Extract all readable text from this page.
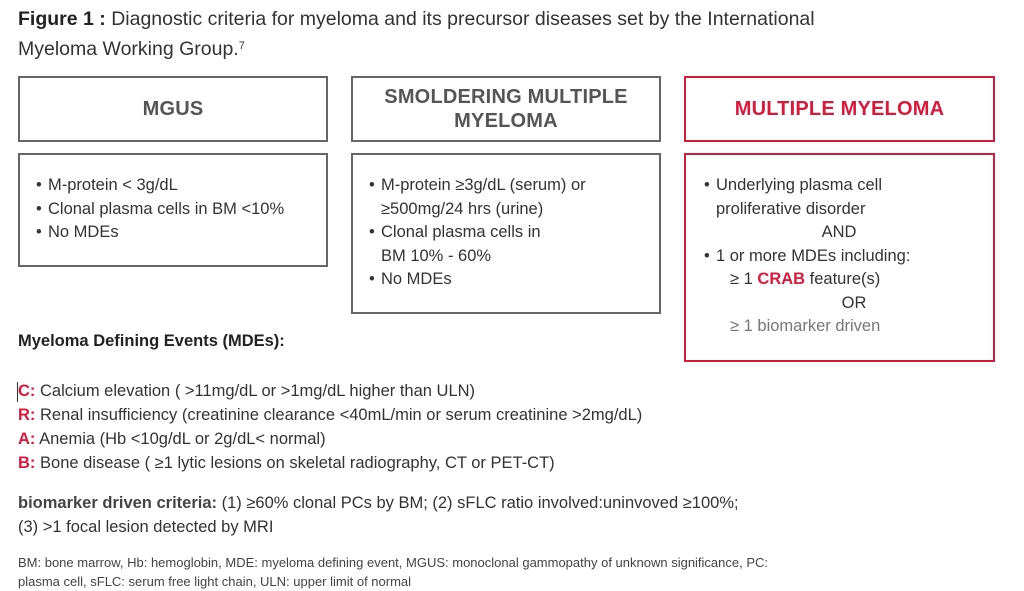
Figure 1 : Diagnostic criteria for myeloma and its precursor diseases set by the International Myeloma Working Group.$^7$
MGUS
• M-protein < 3g/dL
• Clonal plasma cells in BM <10%
• No MDEs
SMOLDERING MULTIPLE
MYELOMA
• M-protein ≥3g/dL (serum) or
≥500mg/24 hrs (urine)
• Clonal plasma cells in
BM 10% - 60%
• No MDEs
MULTIPLE MYELOMA
• Underlying plasma cell
proliferative disorder
AND
• 1 or more MDEs including:
≥ 1 CRAB feature(s)
OR
≥ 1 biomarker driven
Myeloma Defining Events (MDEs):
C: Calcium elevation ( >11mg/dL or >1mg/dL higher than ULN)
R: Renal insufficiency (creatinine clearance <40mL/min or serum creatinine >2mg/dL)
A: Anemia (Hb <10g/dL or 2g/dL< normal)
B: Bone disease ( ≥1 lytic lesions on skeletal radiography, CT or PET-CT)
biomarker driven criteria: (1) ≥60% clonal PCs by BM; (2) sFLC ratio involved:uninvoved ≥100%;
(3) >1 focal lesion detected by MRI
BM: bone marrow, Hb: hemoglobin, MDE: myeloma defining event, MGUS: monoclonal gammopathy of unknown significance, PC:
plasma cell, sFLC: serum free light chain, ULN: upper limit of normal
